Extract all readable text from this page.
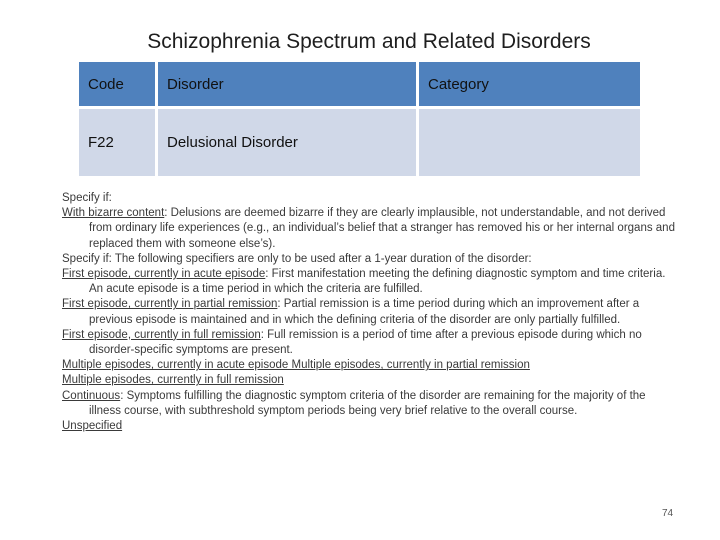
Schizophrenia Spectrum and Related Disorders
Code	Disorder	Category
F22	Delusional Disorder	

Specify if:

With bizarre content: Delusions are deemed bizarre if they are clearly implausible, not understandable, and not derived from ordinary life experiences (e.g., an individual’s belief that a stranger has removed his or her internal organs and replaced them with someone else’s).

Specify if: The following specifiers are only to be used after a 1-year duration of the disorder:

First episode, currently in acute episode: First manifestation meeting the defining diagnostic symptom and time criteria. An acute episode is a time period in which the criteria are fulfilled.

First episode, currently in partial remission: Partial remission is a time period during which an improvement after a previous episode is maintained and in which the defining criteria of the disorder are only partially fulfilled.

First episode, currently in full remission: Full remission is a period of time after a previous episode during which no disorder-specific symptoms are present.

Multiple episodes, currently in acute episode Multiple episodes, currently in partial remission

Multiple episodes, currently in full remission

Continuous: Symptoms fulfilling the diagnostic symptom criteria of the disorder are remaining for the majority of the illness course, with subthreshold symptom periods being very brief relative to the overall course.

Unspecified

74
